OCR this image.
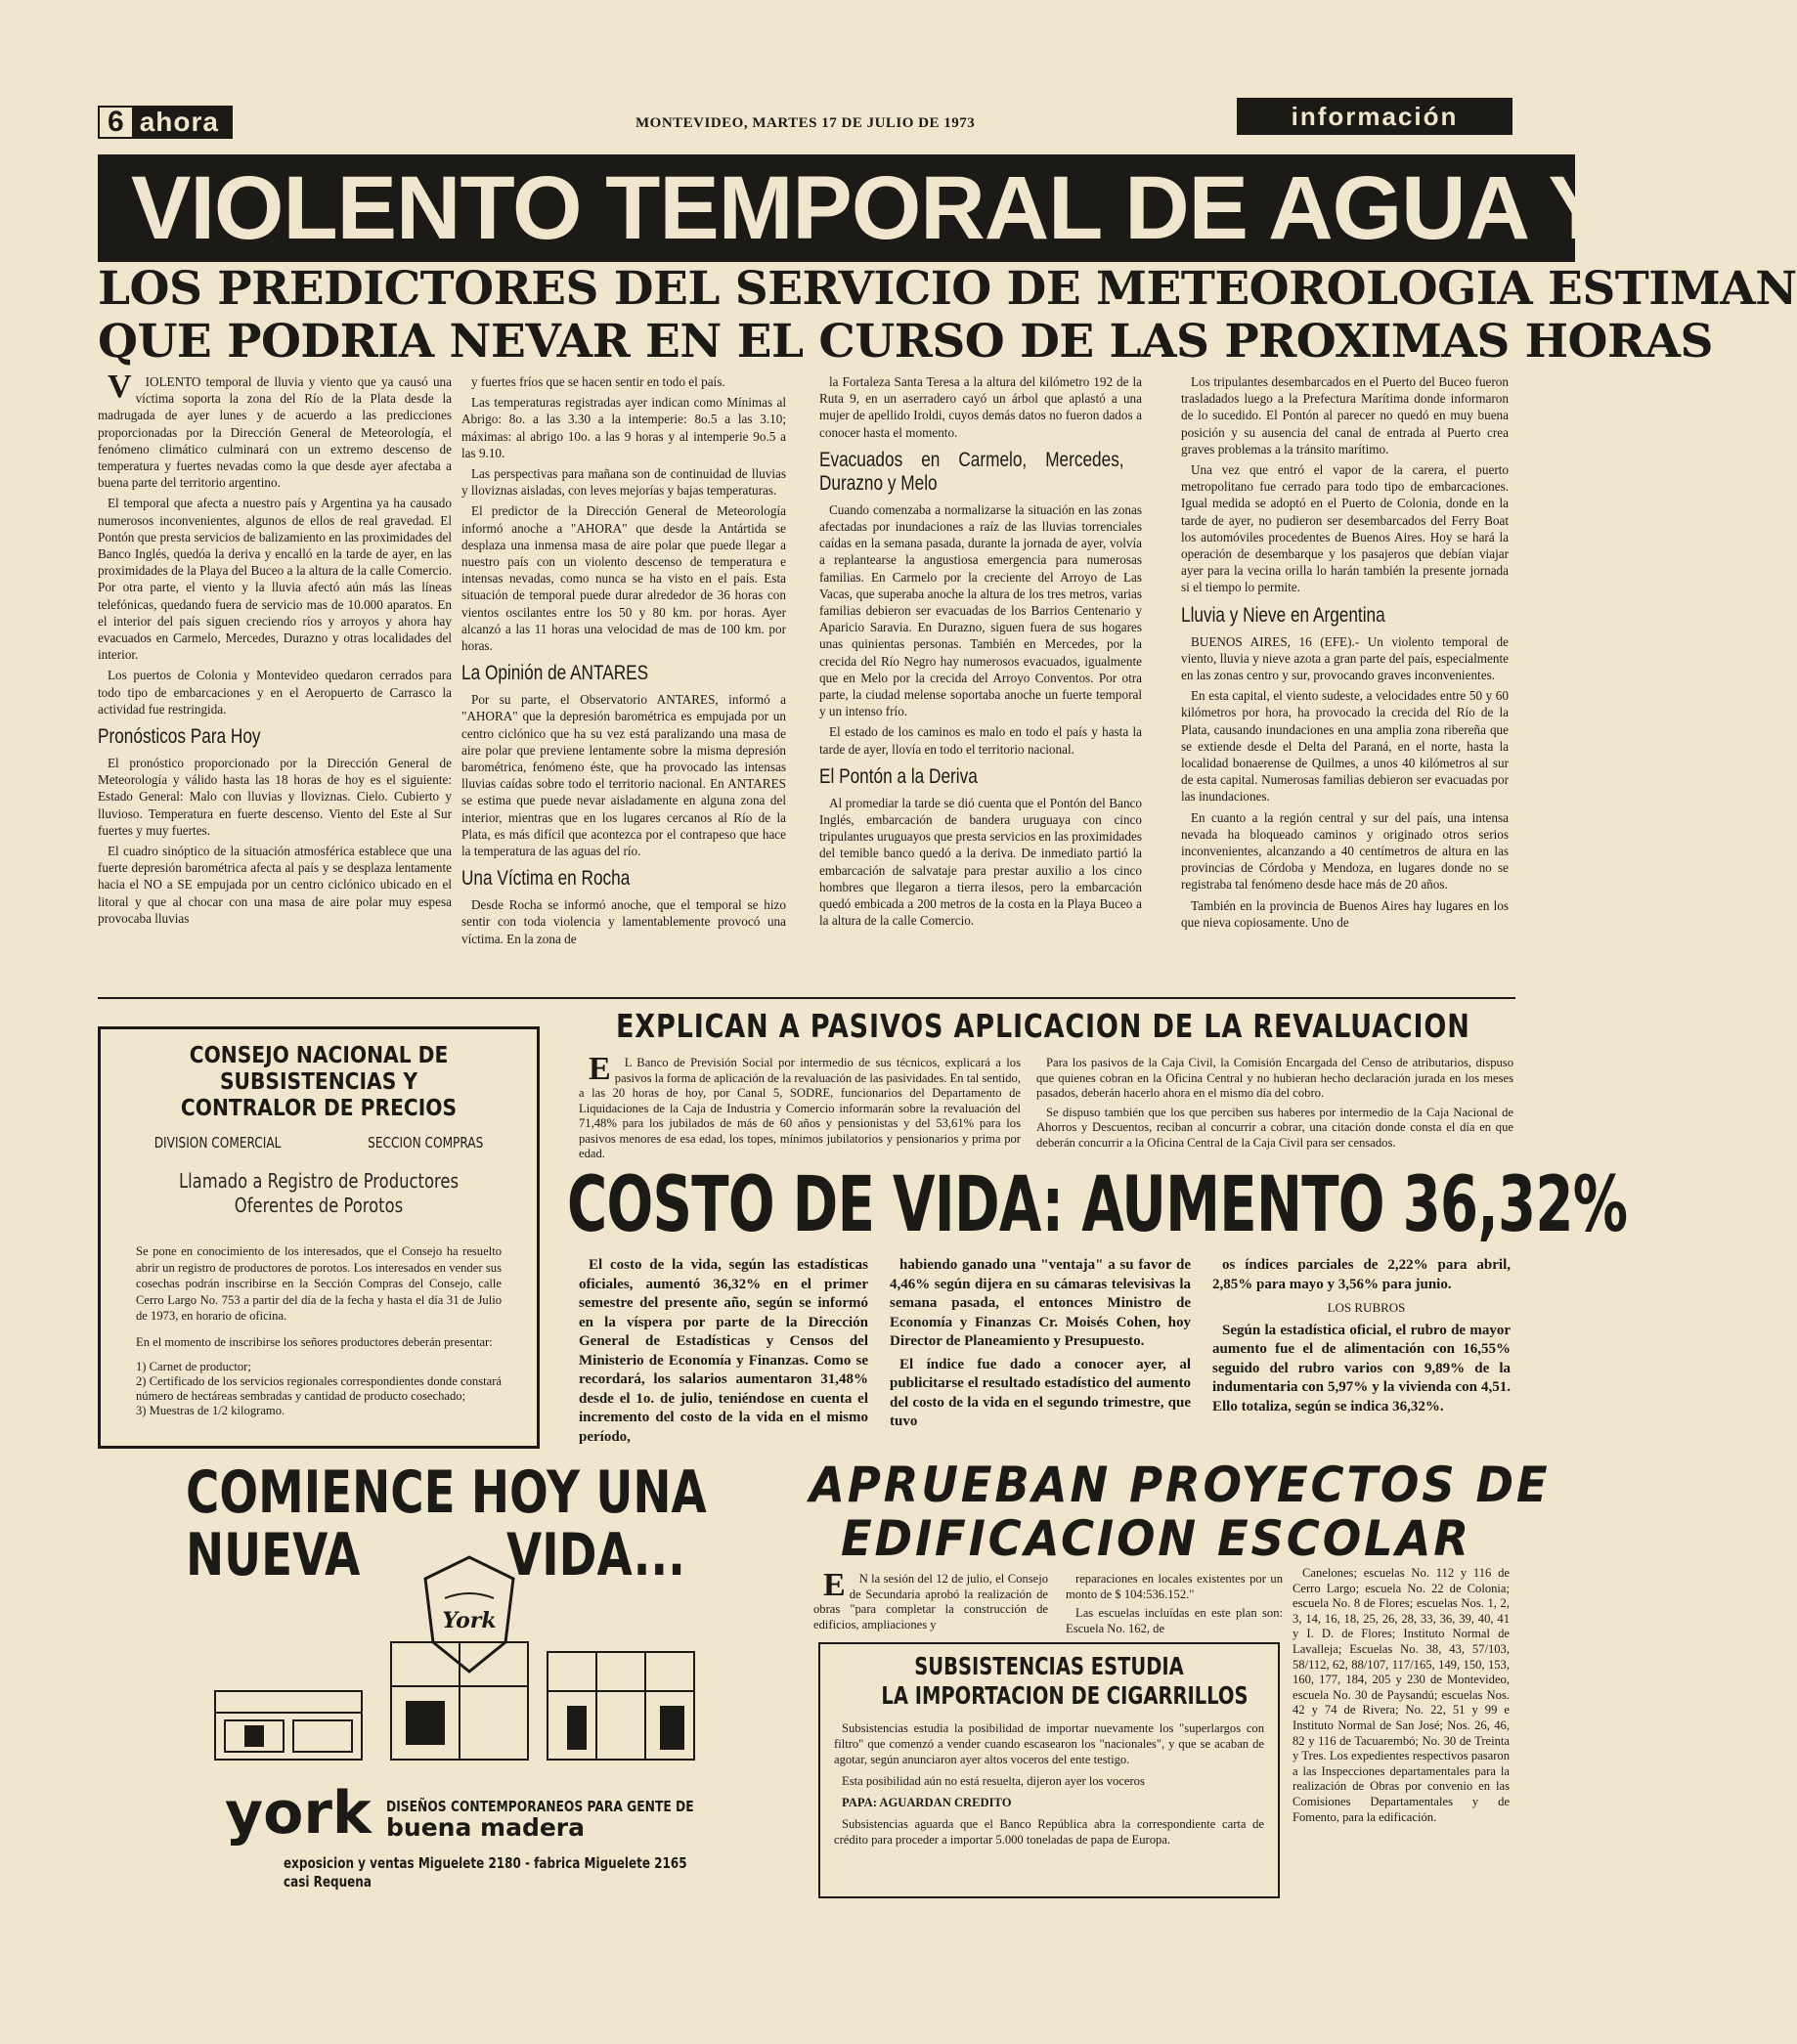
6 ahora	MONTEVIDEO, MARTES 17 DE JULIO DE 1973	información
VIOLENTO TEMPORAL DE AGUA Y
LOS PREDICTORES DEL SERVICIO DE METEOROLOGIA ESTIMAN
QUE PODRIA NEVAR EN EL CURSO DE LAS PROXIMAS HORAS

VIOLENTO temporal de lluvia y viento que ya causó una víctima soporta la zona del Río de la Plata desde la madrugada de ayer lunes y de acuerdo a las predicciones proporcionadas por la Dirección General de Meteorología, el fenómeno climático culminará con un extremo descenso de temperatura y fuertes nevadas como la que desde ayer afectaba a buena parte del territorio argentino.

El temporal que afecta a nuestro país y Argentina ya ha causado numerosos inconvenientes, algunos de ellos de real gravedad. El Pontón que presta servicios de balizamiento en las proximidades del Banco Inglés, quedóa la deriva y encalló en la tarde de ayer, en las proximidades de la Playa del Buceo a la altura de la calle Comercio. Por otra parte, el viento y la lluvia afectó aún más las líneas telefónicas, quedando fuera de servicio mas de 10.000 aparatos. En el interior del país siguen creciendo ríos y arroyos y ahora hay evacuados en Carmelo, Mercedes, Durazno y otras localidades del interior.

Los puertos de Colonia y Montevideo quedaron cerrados para todo tipo de embarcaciones y en el Aeropuerto de Carrasco la actividad fue restringida.

Pronósticos Para Hoy

El pronóstico proporcionado por la Dirección General de Meteorología y válido hasta las 18 horas de hoy es el siguiente: Estado General: Malo con lluvias y lloviznas. Cielo. Cubierto y lluvioso. Temperatura en fuerte descenso. Viento del Este al Sur fuertes y muy fuertes.

El cuadro sinóptico de la situación atmosférica establece que una fuerte depresión barométrica afecta al país y se desplaza lentamente hacia el NO a SE empujada por un centro ciclónico ubicado en el litoral y que al chocar con una masa de aire polar muy espesa provocaba lluvias

y fuertes fríos que se hacen sentir en todo el país.

Las temperaturas registradas ayer indican como Mínimas al Abrigo: 8o. a las 3.30 a la intemperie: 8o.5 a las 3.10; máximas: al abrigo 10o. a las 9 horas y al intemperie 9o.5 a las 9.10.

Las perspectivas para mañana son de continuidad de lluvias y lloviznas aisladas, con leves mejorías y bajas temperaturas.

El predictor de la Dirección General de Meteorología informó anoche a "AHORA" que desde la Antártida se desplaza una inmensa masa de aire polar que puede llegar a nuestro país con un violento descenso de temperatura e intensas nevadas, como nunca se ha visto en el país. Esta situación de temporal puede durar alrededor de 36 horas con vientos oscilantes entre los 50 y 80 km. por horas. Ayer alcanzó a las 11 horas una velocidad de mas de 100 km. por horas.

La Opinión de ANTARES

Por su parte, el Observatorio ANTARES, informó a "AHORA" que la depresión barométrica es empujada por un centro ciclónico que ha su vez está paralizando una masa de aire polar que previene lentamente sobre la misma depresión barométrica, fenómeno éste, que ha provocado las intensas lluvias caídas sobre todo el territorio nacional. En ANTARES se estima que puede nevar aisladamente en alguna zona del interior, mientras que en los lugares cercanos al Río de la Plata, es más difícil que acontezca por el contrapeso que hace la temperatura de las aguas del río.

Una Víctima en Rocha

Desde Rocha se informó anoche, que el temporal se hizo sentir con toda violencia y lamentablemente provocó una víctima. En la zona de

la Fortaleza Santa Teresa a la altura del kilómetro 192 de la Ruta 9, en un aserradero cayó un árbol que aplastó a una mujer de apellido Iroldi, cuyos demás datos no fueron dados a conocer hasta el momento.

Evacuados en Carmelo, Mercedes, Durazno y Melo

Cuando comenzaba a normalizarse la situación en las zonas afectadas por inundaciones a raíz de las lluvias torrenciales caídas en la semana pasada, durante la jornada de ayer, volvía a replantearse la angustiosa emergencia para numerosas familias. En Carmelo por la creciente del Arroyo de Las Vacas, que superaba anoche la altura de los tres metros, varias familias debieron ser evacuadas de los Barrios Centenario y Aparicio Saravia. En Durazno, siguen fuera de sus hogares unas quinientas personas. También en Mercedes, por la crecida del Río Negro hay numerosos evacuados, igualmente que en Melo por la crecida del Arroyo Conventos. Por otra parte, la ciudad melense soportaba anoche un fuerte temporal y un intenso frío.

El estado de los caminos es malo en todo el país y hasta la tarde de ayer, llovía en todo el territorio nacional.

El Pontón a la Deriva

Al promediar la tarde se dió cuenta que el Pontón del Banco Inglés, embarcación de bandera uruguaya con cinco tripulantes uruguayos que presta servicios en las proximidades del temible banco quedó a la deriva. De inmediato partió la embarcación de salvataje para prestar auxilio a los cinco hombres que llegaron a tierra ilesos, pero la embarcación quedó embicada a 200 metros de la costa en la Playa Buceo a la altura de la calle Comercio.

Los tripulantes desembarcados en el Puerto del Buceo fueron trasladados luego a la Prefectura Marítima donde informaron de lo sucedido. El Pontón al parecer no quedó en muy buena posición y su ausencia del canal de entrada al Puerto crea graves problemas a la tránsito marítimo.

Una vez que entró el vapor de la carera, el puerto metropolitano fue cerrado para todo tipo de embarcaciones. Igual medida se adoptó en el Puerto de Colonia, donde en la tarde de ayer, no pudieron ser desembarcados del Ferry Boat los automóviles procedentes de Buenos Aires. Hoy se hará la operación de desembarque y los pasajeros que debían viajar ayer para la vecina orilla lo harán también la presente jornada si el tiempo lo permite.

Lluvia y Nieve en Argentina

BUENOS AIRES, 16 (EFE).- Un violento temporal de viento, lluvia y nieve azota a gran parte del país, especialmente en las zonas centro y sur, provocando graves inconvenientes.

En esta capital, el viento sudeste, a velocidades entre 50 y 60 kilómetros por hora, ha provocado la crecida del Río de la Plata, causando inundaciones en una amplia zona ribereña que se extiende desde el Delta del Paraná, en el norte, hasta la localidad bonaerense de Quilmes, a unos 40 kilómetros al sur de esta capital. Numerosas familias debieron ser evacuadas por las inundaciones.

En cuanto a la región central y sur del país, una intensa nevada ha bloqueado caminos y originado otros serios inconvenientes, alcanzando a 40 centímetros de altura en las provincias de Córdoba y Mendoza, en lugares donde no se registraba tal fenómeno desde hace más de 20 años.

También en la provincia de Buenos Aires hay lugares en los que nieva copiosamente. Uno de

CONSEJO NACIONAL DE SUBSISTENCIAS Y CONTRALOR DE PRECIOS
DIVISION COMERCIAL	SECCION COMPRAS
Llamado a Registro de Productores Oferentes de Porotos

Se pone en conocimiento de los interesados, que el Consejo ha resuelto abrir un registro de productores de porotos. Los interesados en vender sus cosechas podrán inscribirse en la Sección Compras del Consejo, calle Cerro Largo No. 753 a partir del día de la fecha y hasta el día 31 de Julio de 1973, en horario de oficina.

En el momento de inscribirse los señores productores deberán presentar:

1) Carnet de productor;
2) Certificado de los servicios regionales correspondientes donde constará número de hectáreas sembradas y cantidad de producto cosechado;
3) Muestras de 1/2 kilogramo.
EXPLICAN A PASIVOS APLICACION DE LA REVALUACION

EL Banco de Previsión Social por intermedio de sus técnicos, explicará a los pasivos la forma de aplicación de la revaluación de las pasividades. En tal sentido, a las 20 horas de hoy, por Canal 5, SODRE, funcionarios del Departamento de Liquidaciones de la Caja de Industria y Comercio informarán sobre la revaluación del 71,48% para los jubilados de más de 60 años y pensionistas y del 53,61% para los pasivos menores de esa edad, los topes, mínimos jubilatorios y pensionarios y prima por edad.

Para los pasivos de la Caja Civil, la Comisión Encargada del Censo de atributarios, dispuso que quienes cobran en la Oficina Central y no hubieran hecho declaración jurada en los meses pasados, deberán hacerlo ahora en el mismo día del cobro.

Se dispuso también que los que perciben sus haberes por intermedio de la Caja Nacional de Ahorros y Descuentos, reciban al concurrir a cobrar, una citación donde consta el día en que deberán concurrir a la Oficina Central de la Caja Civil para ser censados.

COSTO DE VIDA: AUMENTO 36,32%

El costo de la vida, según las estadísticas oficiales, aumentó 36,32% en el primer semestre del presente año, según se informó en la víspera por parte de la Dirección General de Estadísticas y Censos del Ministerio de Economía y Finanzas. Como se recordará, los salarios aumentaron 31,48% desde el 1o. de julio, teniéndose en cuenta el incremento del costo de la vida en el mismo período,

habiendo ganado una "ventaja" a su favor de 4,46% según dijera en su cámaras televisivas la semana pasada, el entonces Ministro de Economía y Finanzas Cr. Moisés Cohen, hoy Director de Planeamiento y Presupuesto.

El índice fue dado a conocer ayer, al publicitarse el resultado estadístico del aumento del costo de la vida en el segundo trimestre, que tuvo

os índices parciales de 2,22% para abril, 2,85% para mayo y 3,56% para junio.

LOS RUBROS

Según la estadística oficial, el rubro de mayor aumento fue el de alimentación con 16,55% seguido del rubro varios con 9,89% de la indumentaria con 5,97% y la vivienda con 4,51. Ello totaliza, según se indica 36,32%.

COMIENCE HOY UNA
NUEVA VIDA...
York
york DISEÑOS CONTEMPORANEOS PARA GENTE DE
buena madera
exposicion y ventas Miguelete 2180 - fabrica Miguelete 2165
casi Requena
APRUEBAN PROYECTOS DE
EDIFICACION ESCOLAR

EN la sesión del 12 de julio, el Consejo de Secundaria aprobó la realización de obras "para completar la construcción de edificios, ampliaciones y

reparaciones en locales existentes por un monto de $ 104:536.152."

Las escuelas incluídas en este plan son: Escuela No. 162, de

Canelones; escuelas No. 112 y 116 de Cerro Largo; escuela No. 22 de Colonia; escuela No. 8 de Flores; escuelas Nos. 1, 2, 3, 14, 16, 18, 25, 26, 28, 33, 36, 39, 40, 41 y I. D. de Flores; Instituto Normal de Lavalleja; Escuelas No. 38, 43, 57/103, 58/112, 62, 88/107, 117/165, 149, 150, 153, 160, 177, 184, 205 y 230 de Montevideo, escuela No. 30 de Paysandú; escuelas Nos. 42 y 74 de Rivera; No. 22, 51 y 99 e Instituto Normal de San José; Nos. 26, 46, 82 y 116 de Tacuarembó; No. 30 de Treinta y Tres. Los expedientes respectivos pasaron a las Inspecciones departamentales para la realización de Obras por convenio en las Comisiones Departamentales y de Fomento, para la edificación.

SUBSISTENCIAS ESTUDIA
LA IMPORTACION DE CIGARRILLOS

Subsistencias estudia la posibilidad de importar nuevamente los "superlargos con filtro" que comenzó a vender cuando escasearon los "nacionales", y que se acaban de agotar, según anunciaron ayer altos voceros del ente testigo.

Esta posibilidad aún no está resuelta, dijeron ayer los voceros

PAPA: AGUARDAN CREDITO

Subsistencias aguarda que el Banco República abra la correspondiente carta de crédito para proceder a importar 5.000 toneladas de papa de Europa.
